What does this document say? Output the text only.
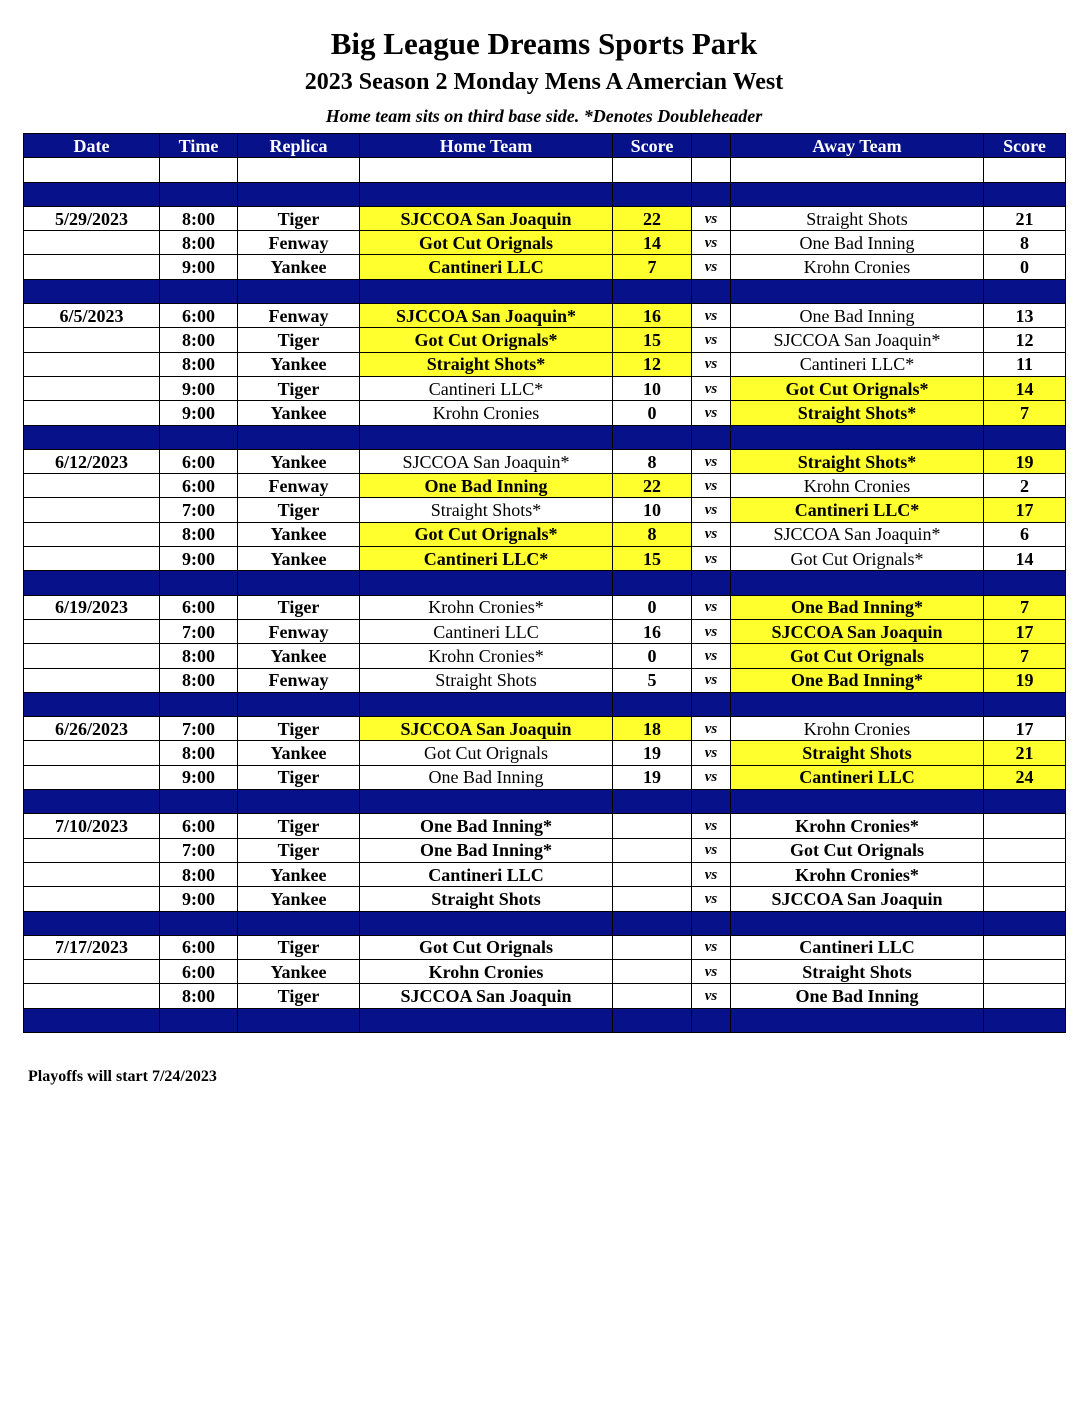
Big League Dreams Sports Park
2023 Season 2 Monday Mens A Amercian West
Home team sits on third base side. *Denotes Doubleheader
Date	Time	Replica	Home Team	Score		Away Team	Score

5/29/2023	8:00	Tiger	SJCCOA San Joaquin	22	vs	Straight Shots	21
	8:00	Fenway	Got Cut Orignals	14	vs	One Bad Inning	8
	9:00	Yankee	Cantineri LLC	7	vs	Krohn Cronies	0

6/5/2023	6:00	Fenway	SJCCOA San Joaquin*	16	vs	One Bad Inning	13
	8:00	Tiger	Got Cut Orignals*	15	vs	SJCCOA San Joaquin*	12
	8:00	Yankee	Straight Shots*	12	vs	Cantineri LLC*	11
	9:00	Tiger	Cantineri LLC*	10	vs	Got Cut Orignals*	14
	9:00	Yankee	Krohn Cronies	0	vs	Straight Shots*	7

6/12/2023	6:00	Yankee	SJCCOA San Joaquin*	8	vs	Straight Shots*	19
	6:00	Fenway	One Bad Inning	22	vs	Krohn Cronies	2
	7:00	Tiger	Straight Shots*	10	vs	Cantineri LLC*	17
	8:00	Yankee	Got Cut Orignals*	8	vs	SJCCOA San Joaquin*	6
	9:00	Yankee	Cantineri LLC*	15	vs	Got Cut Orignals*	14

6/19/2023	6:00	Tiger	Krohn Cronies*	0	vs	One Bad Inning*	7
	7:00	Fenway	Cantineri LLC	16	vs	SJCCOA San Joaquin	17
	8:00	Yankee	Krohn Cronies*	0	vs	Got Cut Orignals	7
	8:00	Fenway	Straight Shots	5	vs	One Bad Inning*	19

6/26/2023	7:00	Tiger	SJCCOA San Joaquin	18	vs	Krohn Cronies	17
	8:00	Yankee	Got Cut Orignals	19	vs	Straight Shots	21
	9:00	Tiger	One Bad Inning	19	vs	Cantineri LLC	24

7/10/2023	6:00	Tiger	One Bad Inning*		vs	Krohn Cronies*	
	7:00	Tiger	One Bad Inning*		vs	Got Cut Orignals	
	8:00	Yankee	Cantineri LLC		vs	Krohn Cronies*	
	9:00	Yankee	Straight Shots		vs	SJCCOA San Joaquin	

7/17/2023	6:00	Tiger	Got Cut Orignals		vs	Cantineri LLC	
	6:00	Yankee	Krohn Cronies		vs	Straight Shots	
	8:00	Tiger	SJCCOA San Joaquin		vs	One Bad Inning	

Playoffs will start 7/24/2023
